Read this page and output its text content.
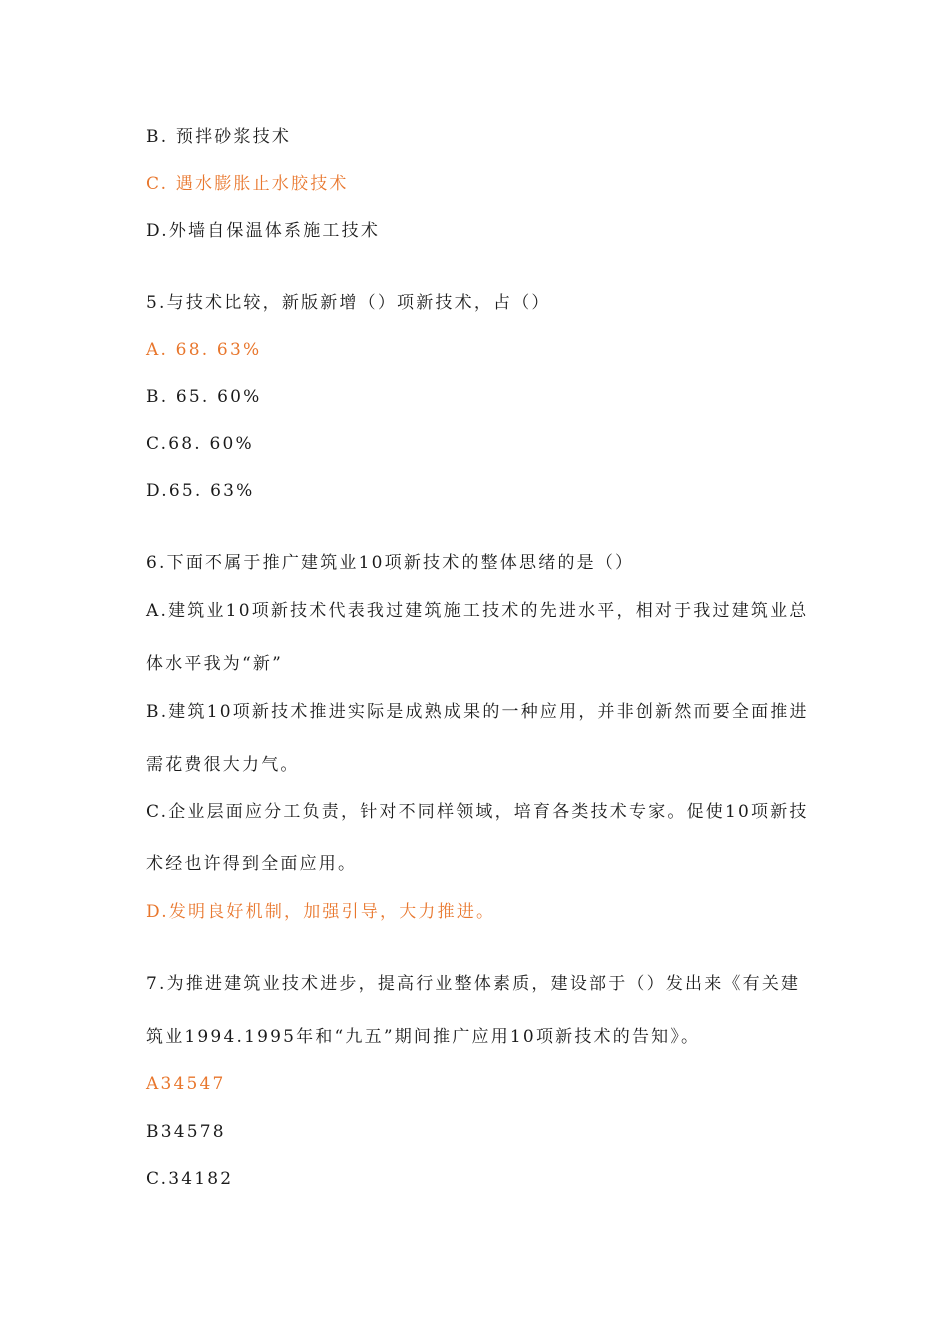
B. 预拌砂浆技术
C. 遇水膨胀止水胶技术
D.外墙自保温体系施工技术
5.与技术比较，新版新增（）项新技术，占（）
A. 68. 63%
B. 65. 60%
C.68. 60%
D.65. 63%
6.下面不属于推广建筑业10项新技术的整体思绪的是（）
A.建筑业10项新技术代表我过建筑施工技术的先进水平，相对于我过建筑业总
体水平我为“新”
B.建筑10项新技术推进实际是成熟成果的一种应用，并非创新然而要全面推进
需花费很大力气。
C.企业层面应分工负责，针对不同样领域，培育各类技术专家。促使10项新技
术经也许得到全面应用。
D.发明良好机制，加强引导，大力推进。
7.为推进建筑业技术进步，提高行业整体素质，建设部于（）发出来《有关建
筑业1994.1995年和“九五”期间推广应用10项新技术的告知》。
A34547
B34578
C.34182
